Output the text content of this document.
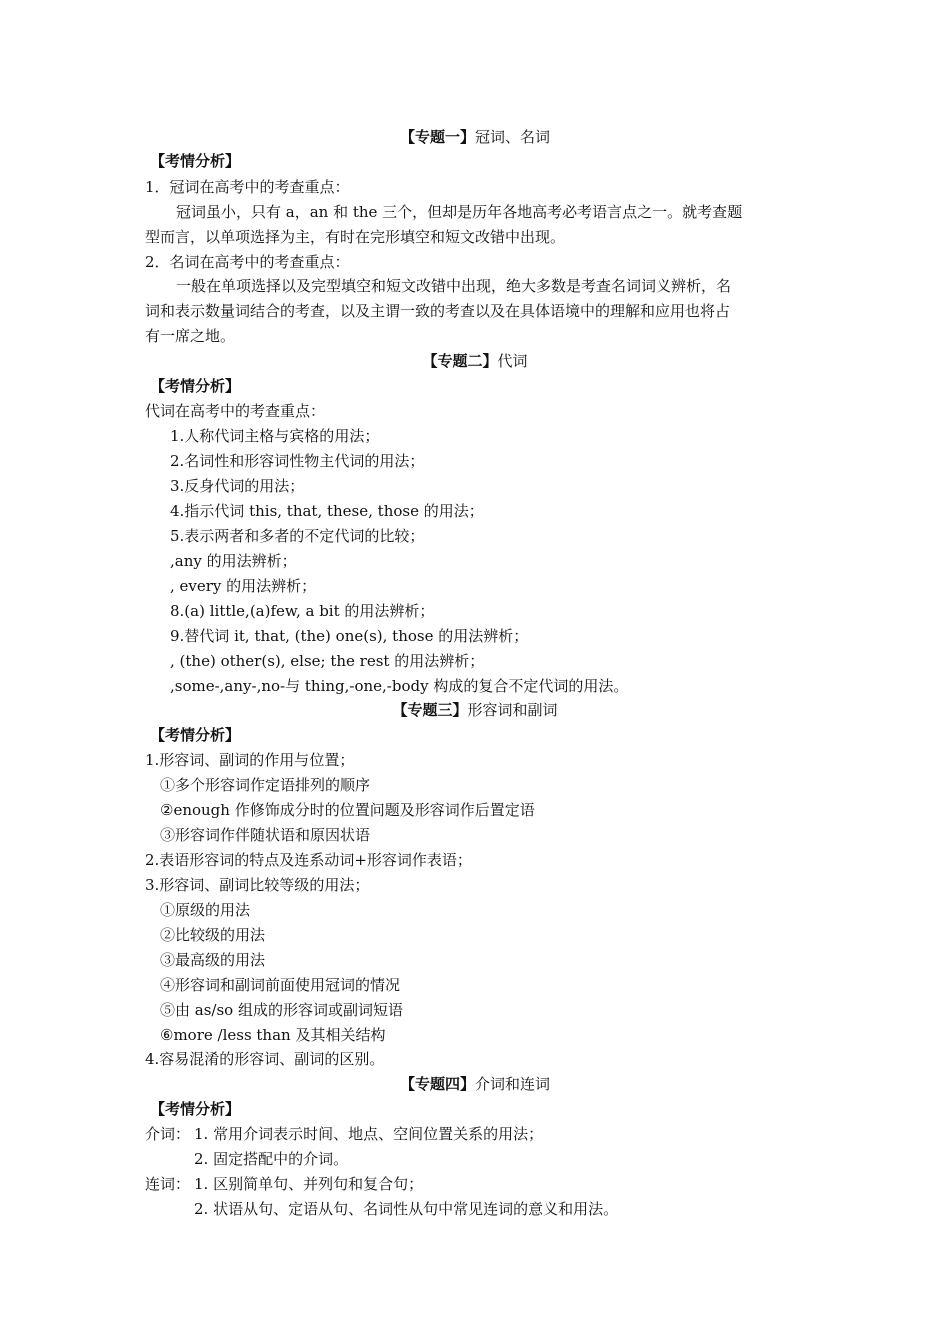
【专题一】冠词、名词
【考情分析】
1．冠词在高考中的考查重点：
冠词虽小，只有 a，an 和 the 三个，但却是历年各地高考必考语言点之一。就考查题
型而言，以单项选择为主，有时在完形填空和短文改错中出现。
2．名词在高考中的考查重点：
一般在单项选择以及完型填空和短文改错中出现，绝大多数是考查名词词义辨析，名
词和表示数量词结合的考查，以及主谓一致的考查以及在具体语境中的理解和应用也将占
有一席之地。
【专题二】代词
【考情分析】
代词在高考中的考查重点：
1.人称代词主格与宾格的用法；
2.名词性和形容词性物主代词的用法；
3.反身代词的用法；
4.指示代词 this, that, these, those 的用法；
5.表示两者和多者的不定代词的比较；
,any 的用法辨析；
, every 的用法辨析；
8.(a) little,(a)few, a bit 的用法辨析；
9.替代词 it, that, (the) one(s), those 的用法辨析；
, (the) other(s), else; the rest 的用法辨析；
,some-,any-,no-与 thing,-one,-body 构成的复合不定代词的用法。
【专题三】形容词和副词
【考情分析】
1.形容词、副词的作用与位置；
①多个形容词作定语排列的顺序
②enough 作修饰成分时的位置问题及形容词作后置定语
③形容词作伴随状语和原因状语
2.表语形容词的特点及连系动词+形容词作表语；
3.形容词、副词比较等级的用法；
①原级的用法
②比较级的用法
③最高级的用法
④形容词和副词前面使用冠词的情况
⑤由 as/so 组成的形容词或副词短语
⑥more /less than 及其相关结构
4.容易混淆的形容词、副词的区别。
【专题四】介词和连词
【考情分析】
介词： 1. 常用介词表示时间、地点、空间位置关系的用法；
2. 固定搭配中的介词。
连词： 1. 区别简单句、并列句和复合句；
2. 状语从句、定语从句、名词性从句中常见连词的意义和用法。
